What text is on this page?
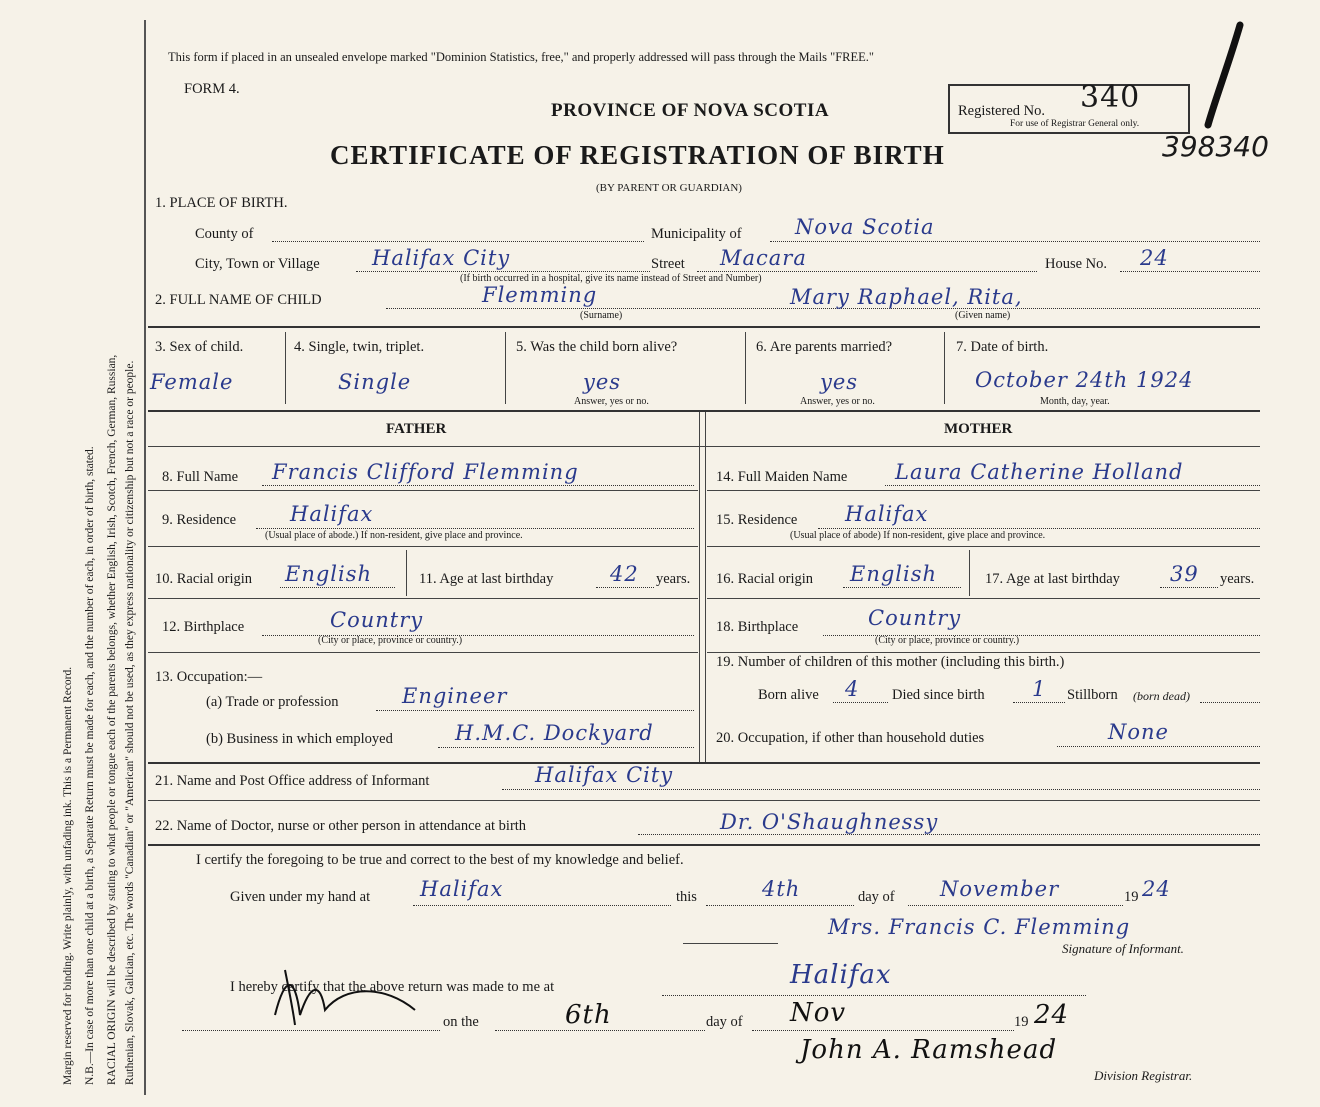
Margin reserved for binding. Write plainly, with unfading ink. This is a Permanent Record. N.B.—In case of more than one child at a birth, a Separate Return must be made for each, and the number of each, in order of birth, stated. RACIAL ORIGIN will be described by stating to what people or tongue each of the parents belongs, whether English, Irish, Scotch, French, German, Russian, Ruthenian, Slovak, Galician, etc. The words "Canadian" or "American" should not be used, as they express nationality or citizenship but not a race or people.
This form if placed in an unsealed envelope marked "Dominion Statistics, free," and properly addressed will pass through the Mails "FREE."
FORM 4.
PROVINCE OF NOVA SCOTIA
CERTIFICATE OF REGISTRATION OF BIRTH
(BY PARENT OR GUARDIAN)
Registered No. 340
For use of Registrar General only.
398340
1. PLACE OF BIRTH.
County of	Municipality of	Nova Scotia
City, Town or Village Halifax City	Street Macara	House No. 24
(If birth occurred in a hospital, give its name instead of Street and Number)
2. FULL NAME OF CHILD	Flemming	Mary Raphael, Rita,
(Surname)	(Given name)
3. Sex of child.
Female
4. Single, twin, triplet.
Single
5. Was the child born alive?
yes
Answer, yes or no.
6. Are parents married?
yes
Answer, yes or no.
7. Date of birth.
October 24th 1924
Month, day, year.
FATHER	MOTHER
8. Full Name Francis Clifford Flemming
9. Residence	Halifax
(Usual place of abode.) If non-resident, give place and province.
10. Racial origin English	11. Age at last birthday	42 years.
12. Birthplace	Country
(City or place, province or country.)
13. Occupation:—
(a) Trade or profession	Engineer
(b) Business in which employed	H.M.C. Dockyard
14. Full Maiden Name Laura Catherine Holland
15. Residence Halifax
(Usual place of abode) If non-resident, give place and province.
16. Racial origin English	17. Age at last birthday 39 years.
18. Birthplace	Country
(City or place, province or country.)
19. Number of children of this mother (including this birth.)
Born alive 4 Died since birth 1 Stillborn (born dead)
20. Occupation, if other than household duties	None
21. Name and Post Office address of Informant	Halifax City
22. Name of Doctor, nurse or other person in attendance at birth	Dr. O'Shaughnessy
I certify the foregoing to be true and correct to the best of my knowledge and belief.
Given under my hand at Halifax	this	4th	day of November	19 24
Mrs. Francis C. Flemming
Signature of Informant.
I hereby certify that the above return was made to me at	Halifax
on the	6th	day of Nov	19 24
John A. Ramshead
Division Registrar.
